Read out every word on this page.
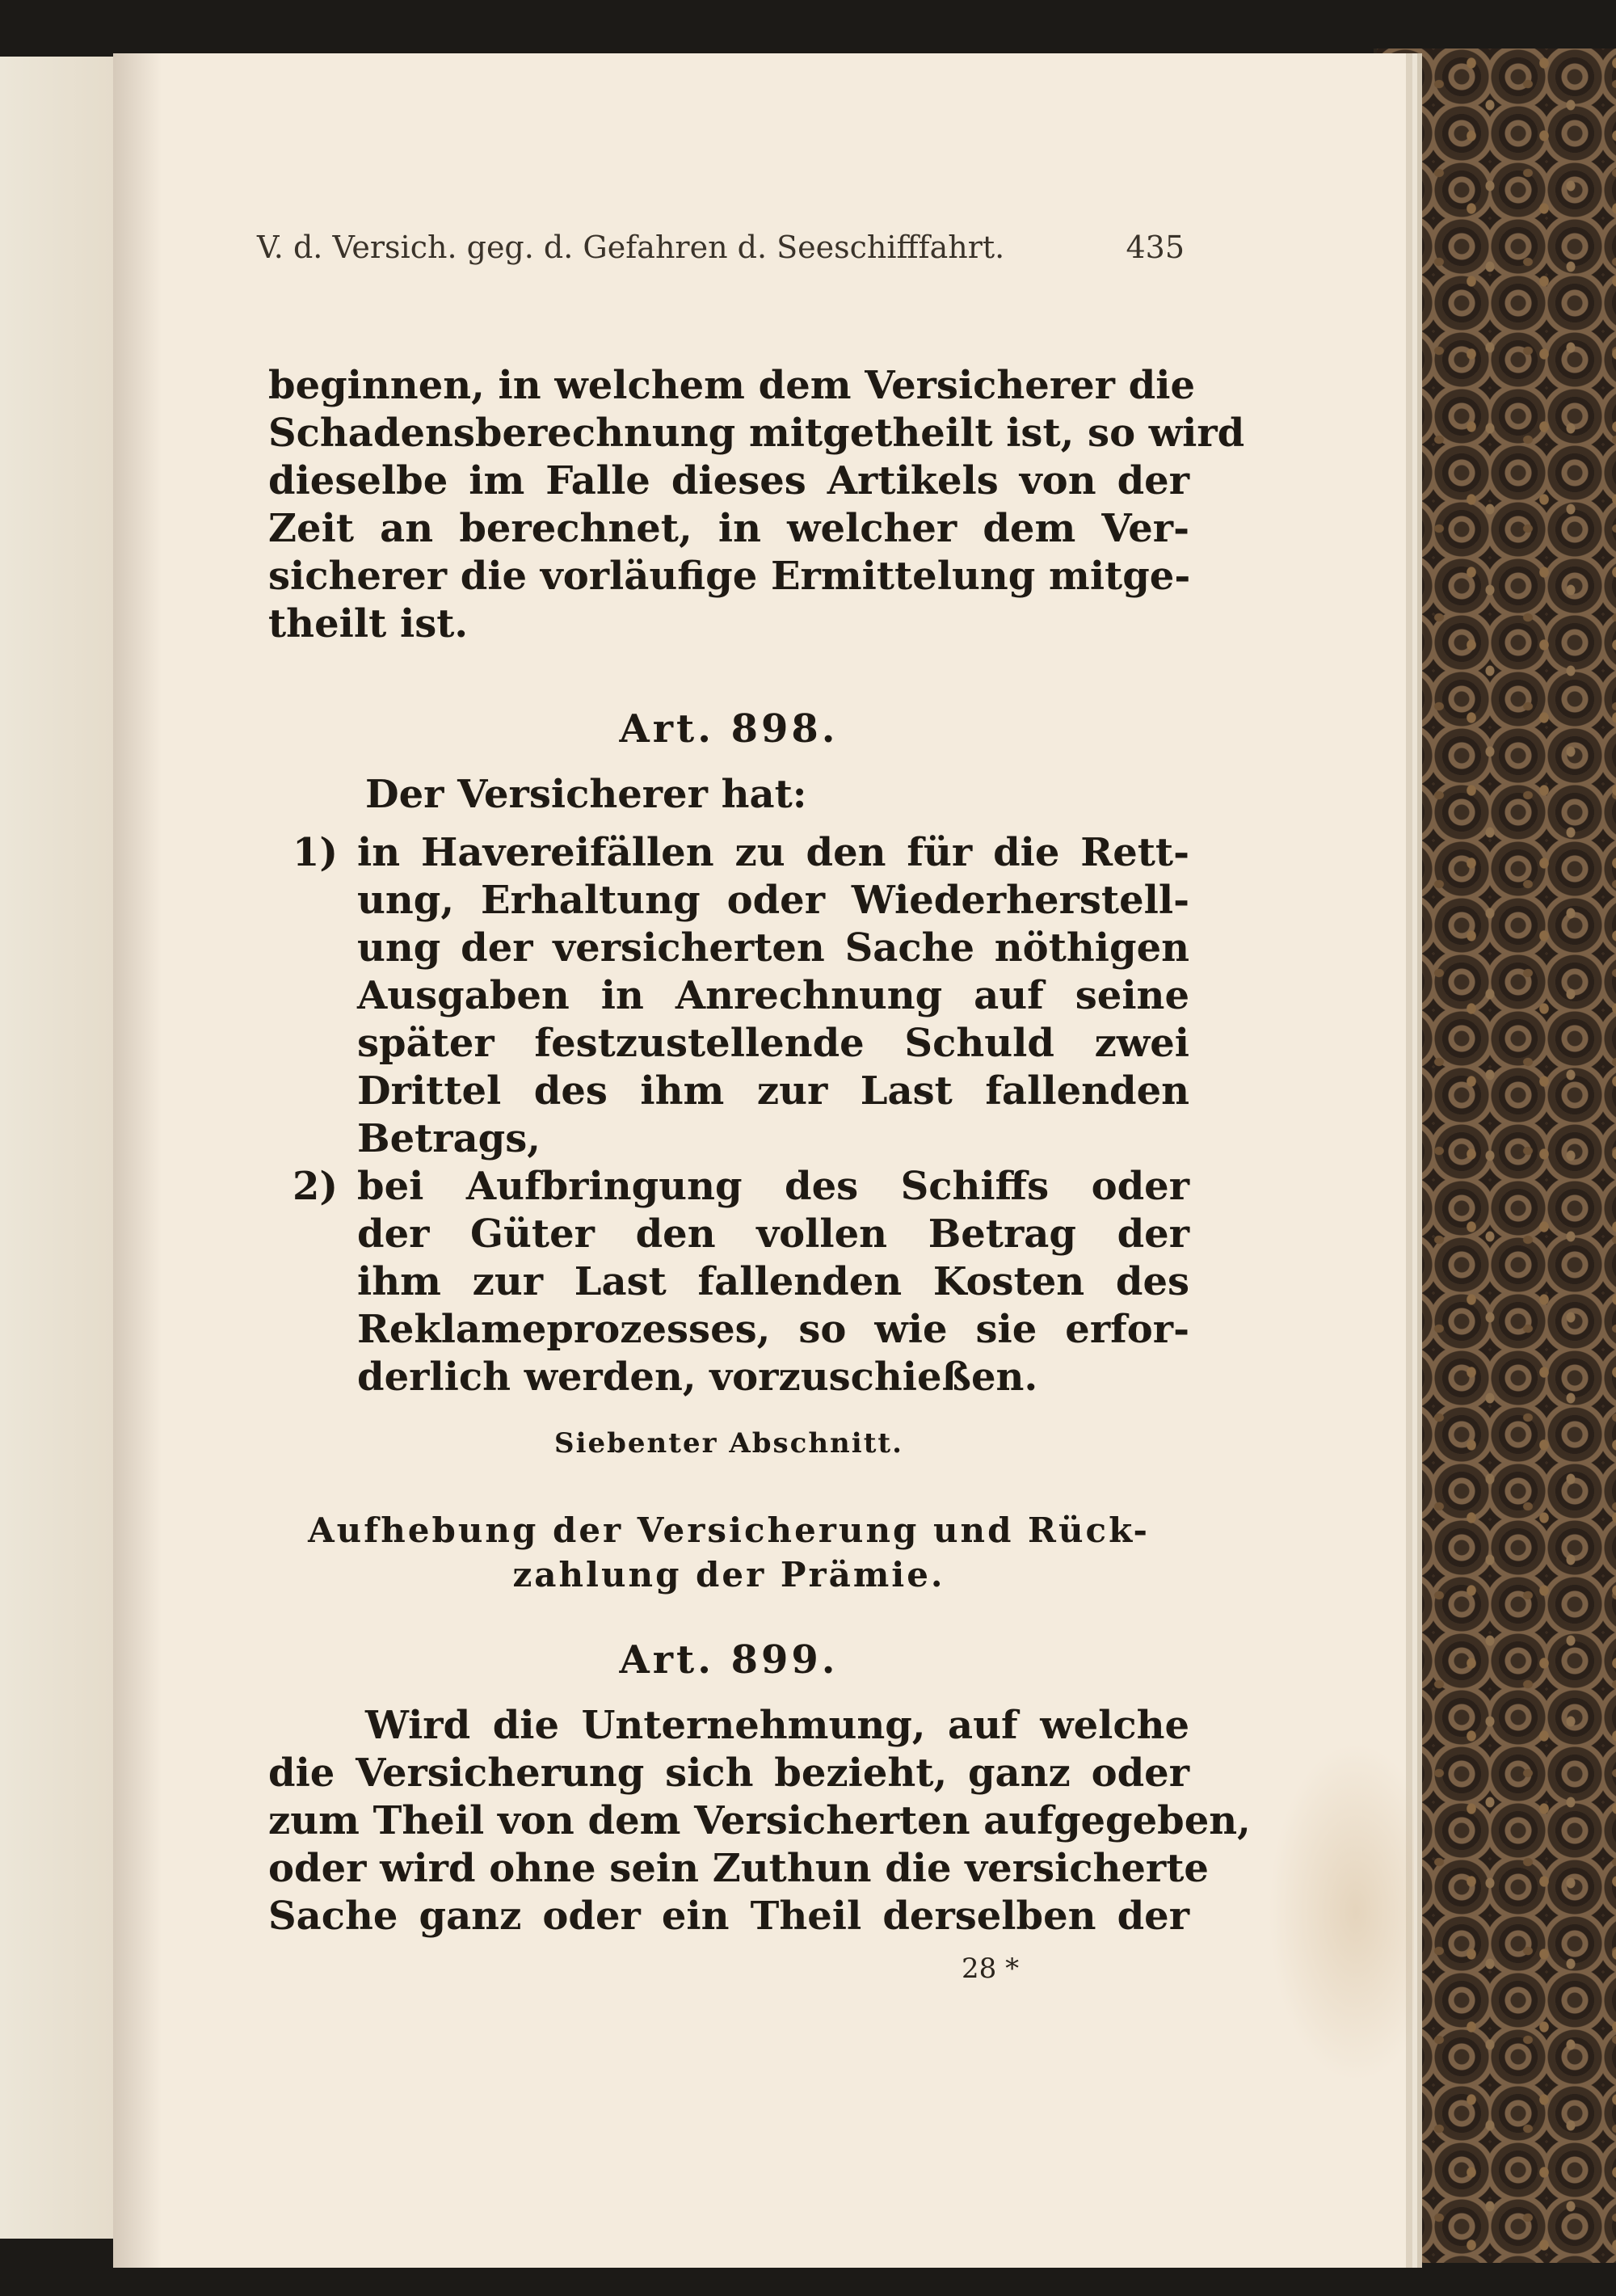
V. d. Versich. geg. d. Gefahren d. Seeschifffahrt.	435
beginnen, in welchem dem Versicherer die
Schadensberechnung mitgetheilt ist, so wird
dieselbe im Falle dieses Artikels von der
Zeit an berechnet, in welcher dem Ver-
sicherer die vorläufige Ermittelung mitge-
theilt ist.
Art. 898.
Der Versicherer hat:
1) in Havereifällen zu den für die Rett-
ung, Erhaltung oder Wiederherstell-
ung der versicherten Sache nöthigen
Ausgaben in Anrechnung auf seine
später festzustellende Schuld zwei
Drittel des ihm zur Last fallenden
Betrags,
2) bei Aufbringung des Schiffs oder
der Güter den vollen Betrag der
ihm zur Last fallenden Kosten des
Reklameprozesses, so wie sie erfor-
derlich werden, vorzuschießen.
Siebenter Abschnitt.
Aufhebung der Versicherung und Rück-
zahlung der Prämie.
Art. 899.
Wird die Unternehmung, auf welche
die Versicherung sich bezieht, ganz oder
zum Theil von dem Versicherten aufgegeben,
oder wird ohne sein Zuthun die versicherte
Sache ganz oder ein Theil derselben der
28 *
